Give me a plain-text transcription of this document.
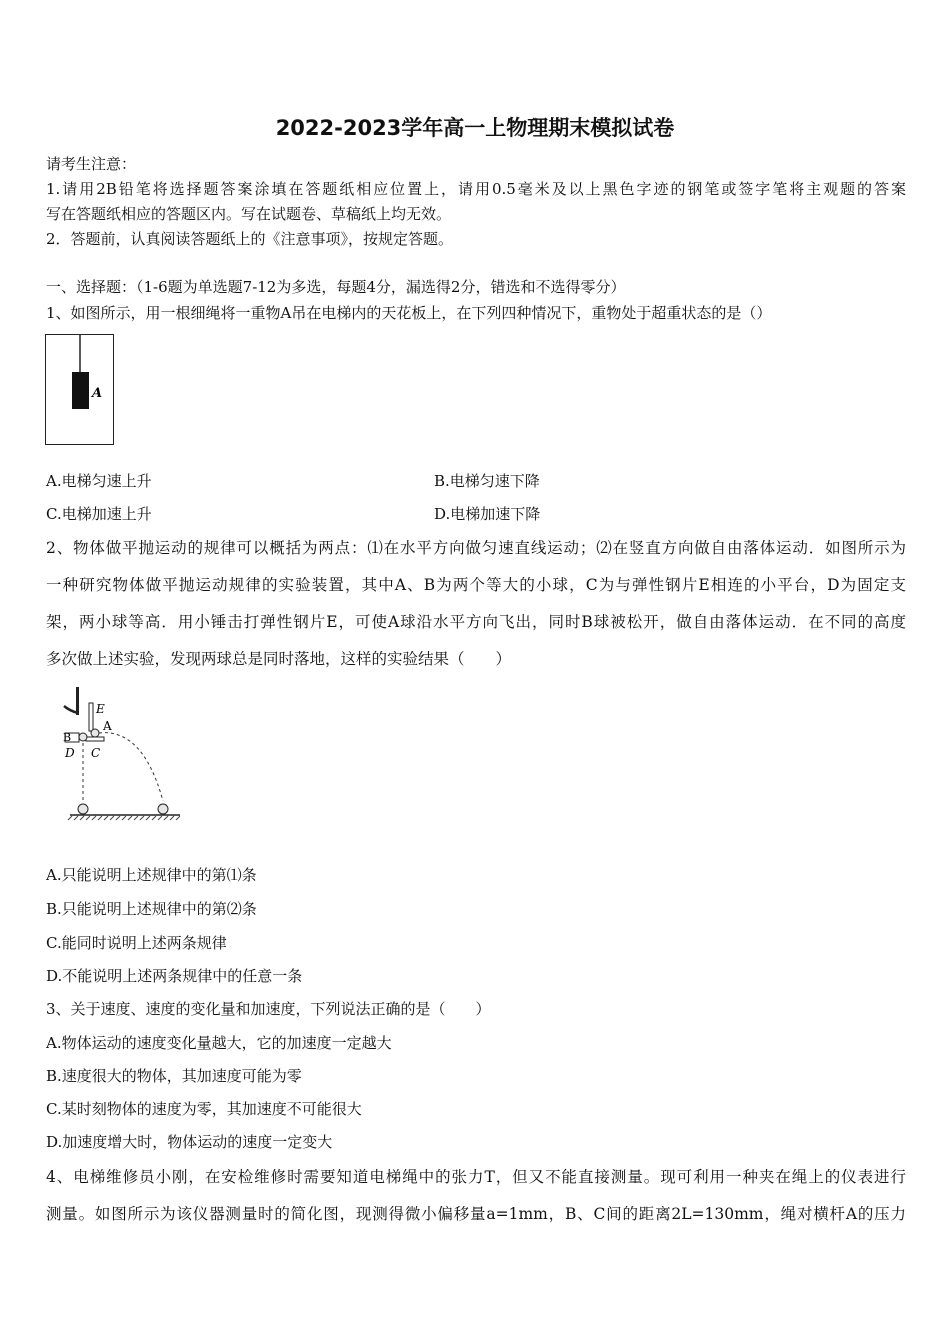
2022-2023学年高一上物理期末模拟试卷
请考生注意：
1.请用2B铅笔将选择题答案涂填在答题纸相应位置上，请用0.5毫米及以上黑色字迹的钢笔或签字笔将主观题的答案
写在答题纸相应的答题区内。写在试题卷、草稿纸上均无效。
2．答题前，认真阅读答题纸上的《注意事项》，按规定答题。
一、选择题：（1-6题为单选题7-12为多选，每题4分，漏选得2分，错选和不选得零分）
1、如图所示，用一根细绳将一重物A吊在电梯内的天花板上，在下列四种情况下，重物处于超重状态的是（）
A
A.电梯匀速上升	B.电梯匀速下降
C.电梯加速上升	D.电梯加速下降
2、物体做平抛运动的规律可以概括为两点：⑴在水平方向做匀速直线运动；⑵在竖直方向做自由落体运动．如图所示为
一种研究物体做平抛运动规律的实验装置，其中A、B为两个等大的小球，C为与弹性钢片E相连的小平台，D为固定支
架，两小球等高．用小锤击打弹性钢片E，可使A球沿水平方向飞出，同时B球被松开，做自由落体运动．在不同的高度
多次做上述实验，发现两球总是同时落地，这样的实验结果（　　）
E
A
B
D C
A.只能说明上述规律中的第⑴条
B.只能说明上述规律中的第⑵条
C.能同时说明上述两条规律
D.不能说明上述两条规律中的任意一条
3、关于速度、速度的变化量和加速度，下列说法正确的是（　　）
A.物体运动的速度变化量越大，它的加速度一定越大
B.速度很大的物体，其加速度可能为零
C.某时刻物体的速度为零，其加速度不可能很大
D.加速度增大时，物体运动的速度一定变大
4、电梯维修员小刚，在安检维修时需要知道电梯绳中的张力T，但又不能直接测量。现可利用一种夹在绳上的仪表进行
测量。如图所示为该仪器测量时的简化图，现测得微小偏移量a=1mm，B、C间的距离2L=130mm，绳对横杆A的压力
